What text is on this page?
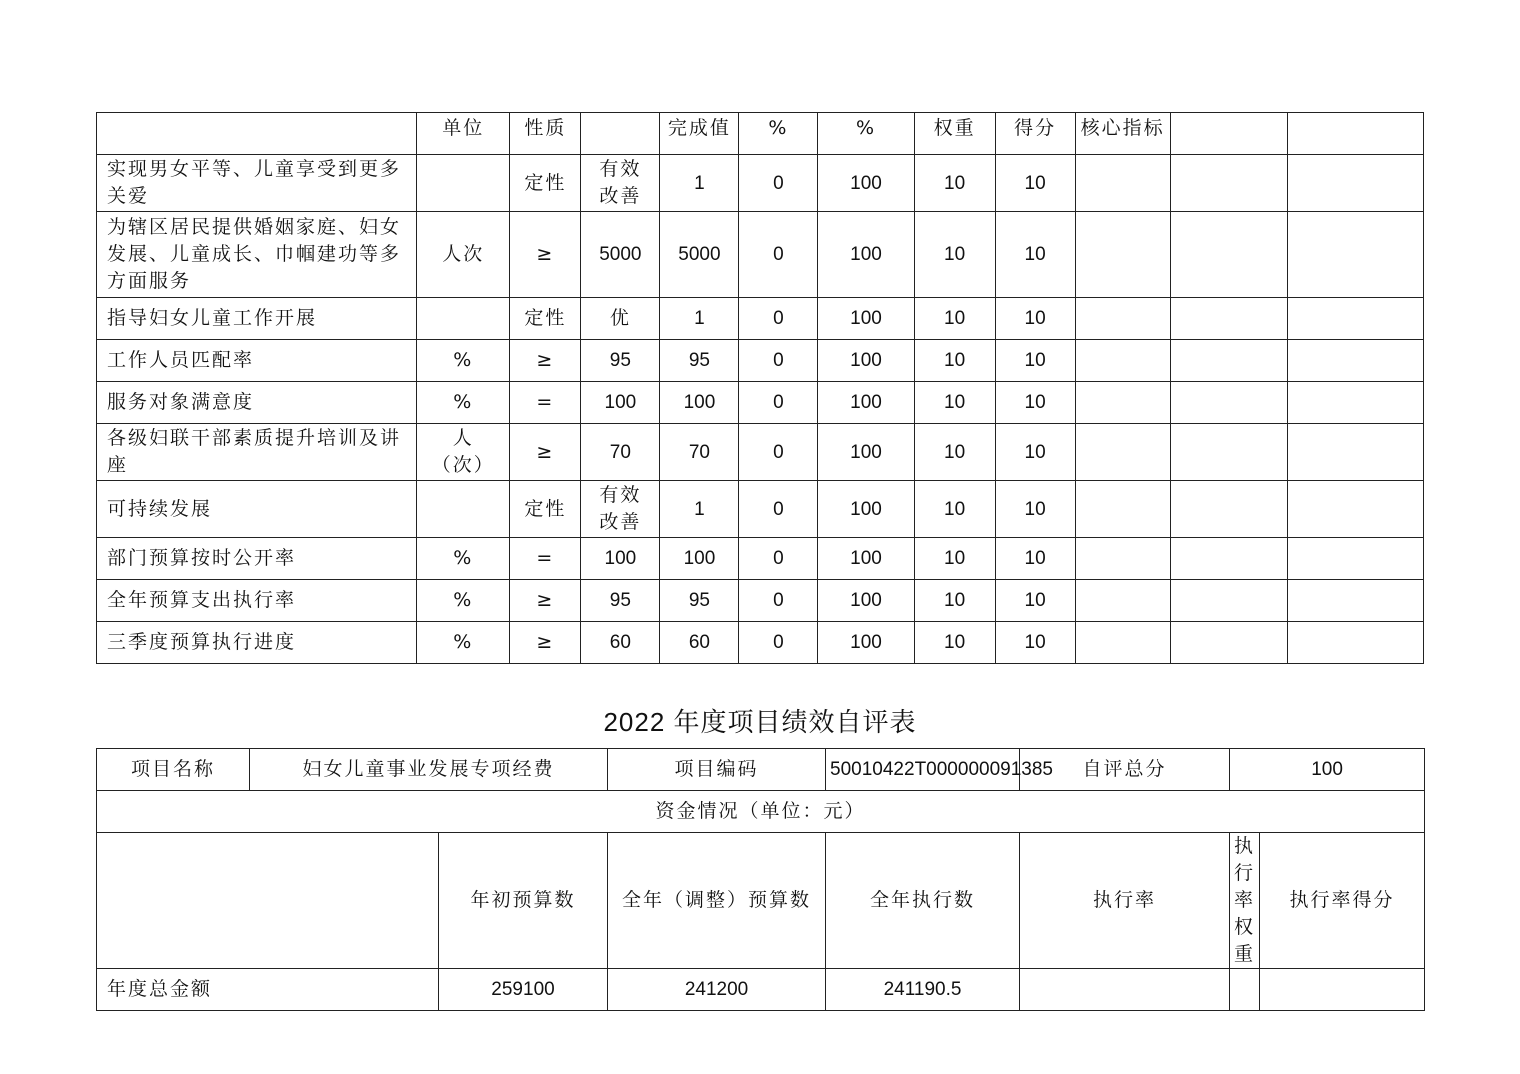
	单位	性质		完成值	%	%	权重	得分	核心指标		
实现男女平等、儿童享受到更多关爱		定性	有效改善	1	0	100	10	10			
为辖区居民提供婚姻家庭、妇女发展、儿童成长、巾帼建功等多方面服务	人次	≥	5000	5000	0	100	10	10			
指导妇女儿童工作开展		定性	优	1	0	100	10	10			
工作人员匹配率	%	≥	95	95	0	100	10	10			
服务对象满意度	%	=	100	100	0	100	10	10			
各级妇联干部素质提升培训及讲座	人（次）	≥	70	70	0	100	10	10			
可持续发展		定性	有效改善	1	0	100	10	10			
部门预算按时公开率	%	=	100	100	0	100	10	10			
全年预算支出执行率	%	≥	95	95	0	100	10	10			
三季度预算执行进度	%	≥	60	60	0	100	10	10			
2022 年度项目绩效自评表
项目名称	妇女儿童事业发展专项经费		项目编码	50010422T000000091385	自评总分	100	
资金情况（单位：元）							
		年初预算数	全年（调整）预算数	全年执行数	执行率	执行率权重	执行率得分
年度总金额		259100	241200	241190.5			
